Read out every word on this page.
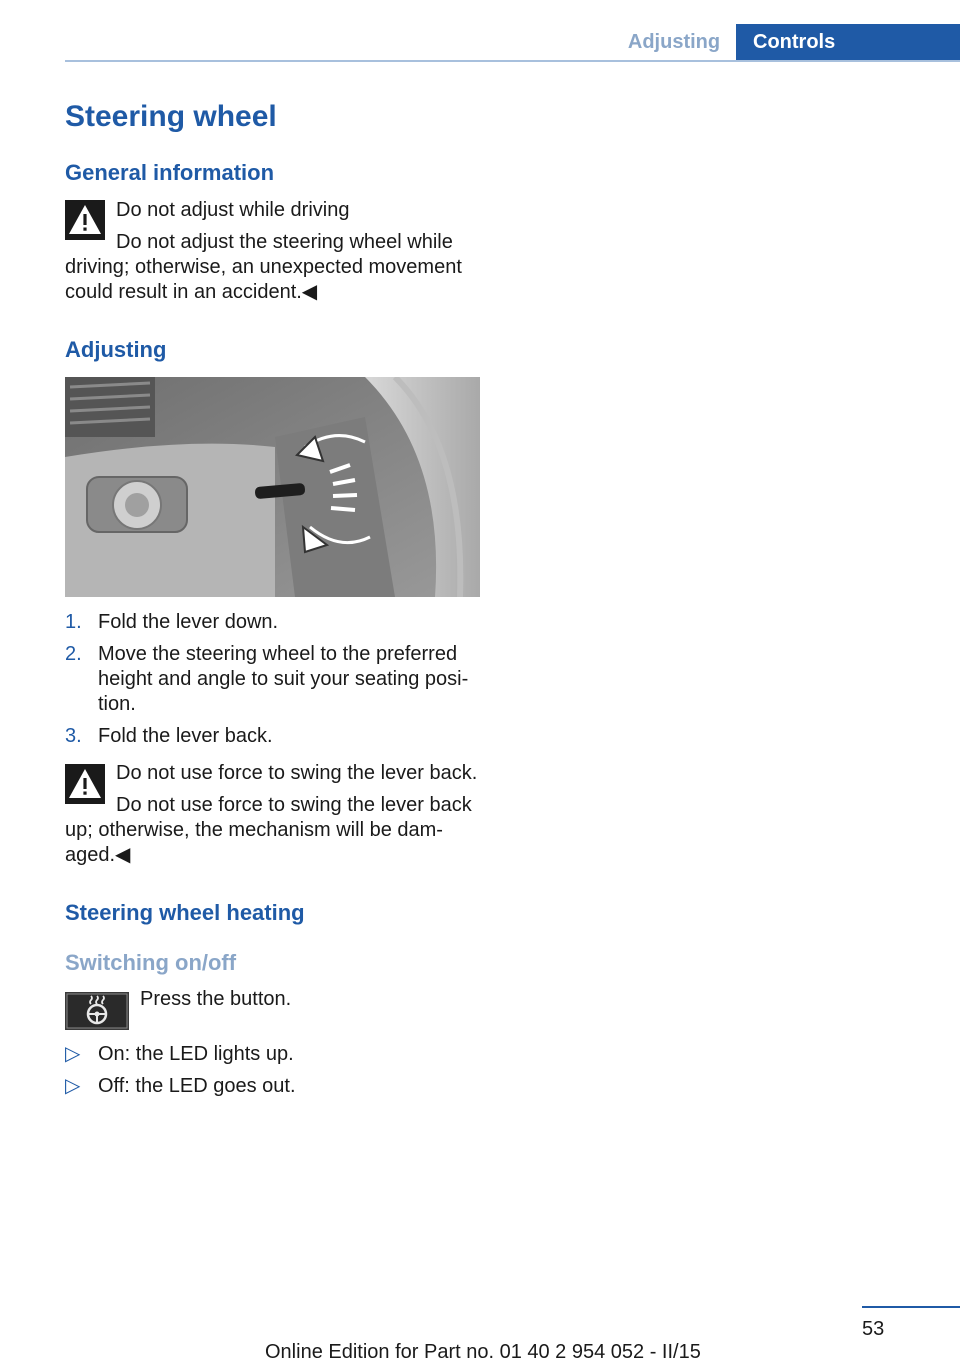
Adjusting	Controls
Steering wheel
General information
Do not adjust while driving
Do not adjust the steering wheel while
driving; otherwise, an unexpected movement
could result in an accident.◀
Adjusting
1. Fold the lever down.
2. Move the steering wheel to the preferred height and angle to suit your seating posi‐tion.
3. Fold the lever back.
Do not use force to swing the lever back.
Do not use force to swing the lever back
up; otherwise, the mechanism will be dam‐
aged.◀
Steering wheel heating
Switching on/off
Press the button.
▷ On: the LED lights up.
▷ Off: the LED goes out.
53
Online Edition for Part no. 01 40 2 954 052 - II/15
